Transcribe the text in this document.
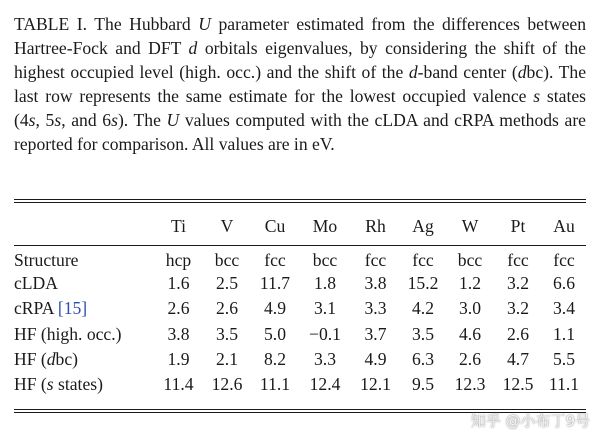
TABLE I. The Hubbard U parameter estimated from the differences between Hartree-Fock and DFT d orbitals eigenvalues, by considering the shift of the highest occupied level (high. occ.) and the shift of the d-band center (dbc). The last row represents the same estimate for the lowest occupied valence s states (4s, 5s, and 6s). The U values computed with the cLDA and cRPA methods are reported for comparison. All values are in eV.

	Ti	V	Cu	Mo	Rh	Ag	W	Pt	Au
Structure	hcp	bcc	fcc	bcc	fcc	fcc	bcc	fcc	fcc
cLDA	1.6	2.5	11.7	1.8	3.8	15.2	1.2	3.2	6.6
cRPA [15]	2.6	2.6	4.9	3.1	3.3	4.2	3.0	3.2	3.4
HF (high. occ.)	3.8	3.5	5.0	−0.1	3.7	3.5	4.6	2.6	1.1
HF (dbc)	1.9	2.1	8.2	3.3	4.9	6.3	2.6	4.7	5.5
HF (s states)	11.4	12.6	11.1	12.4	12.1	9.5	12.3	12.5	11.1
知乎 @小布丁9号
